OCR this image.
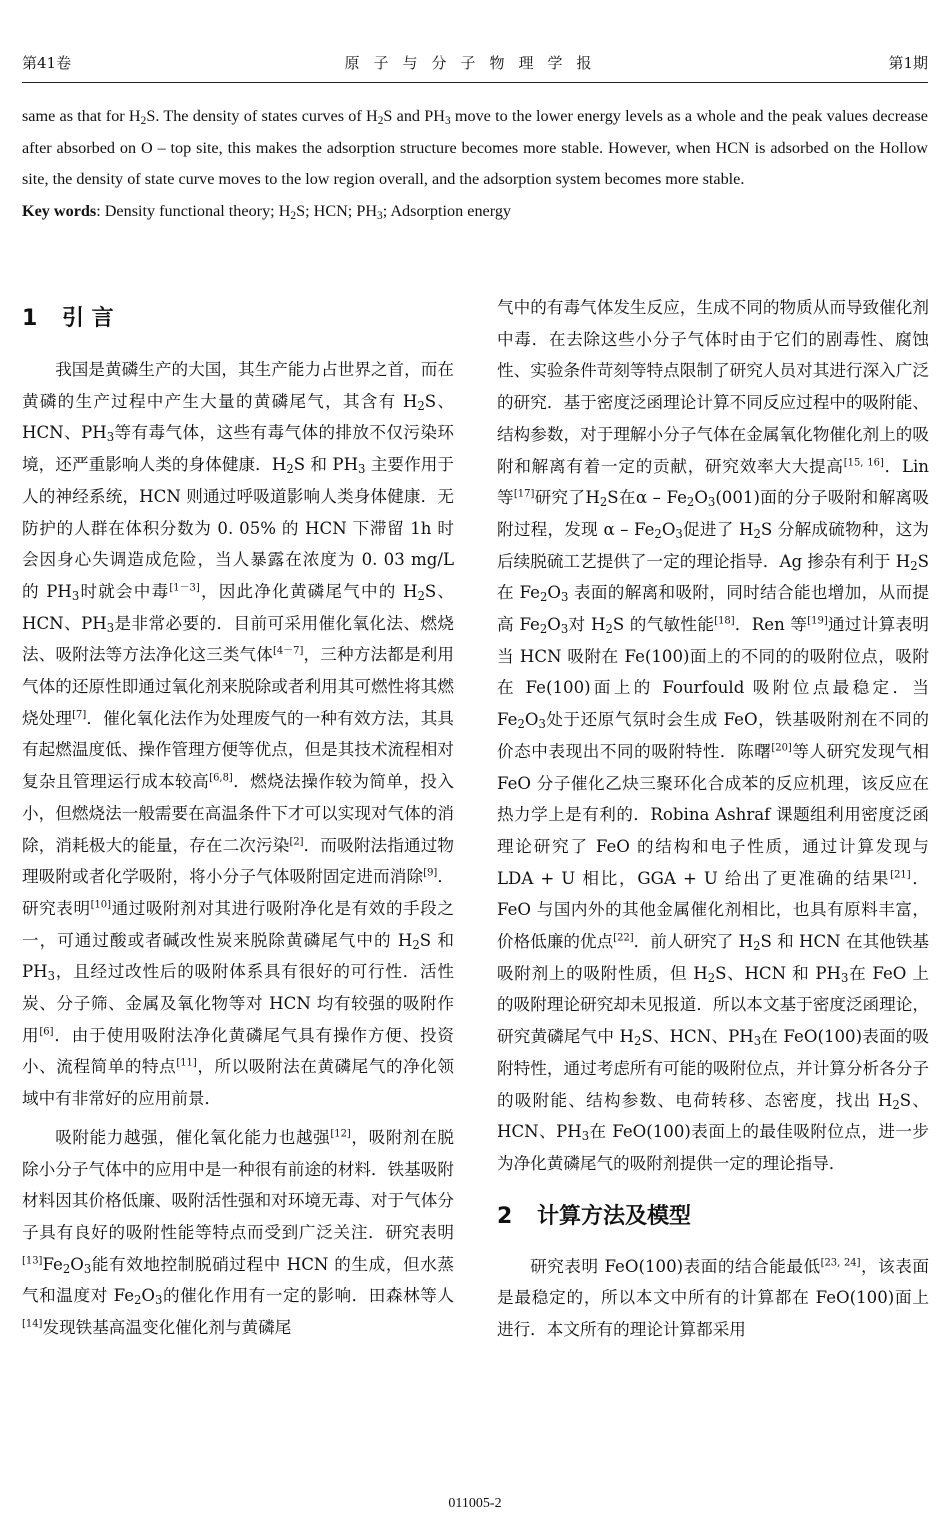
第41卷	原子与分子物理学报	第1期
same as that for $H_2S$. The density of states curves of $H_2S$ and $PH_3$ move to the lower energy levels as a whole and the peak values decrease after absorbed on O – top site, this makes the adsorption structure becomes more stable. However, when HCN is adsorbed on the Hollow site, the density of state curve moves to the low region overall, and the adsorption system becomes more stable.
Key words: Density functional theory; $H_2S$; HCN; $PH_3$; Adsorption energy
1 引 言

我国是黄磷生产的大国，其生产能力占世界之首，而在黄磷的生产过程中产生大量的黄磷尾气，其含有 $H_2S$、HCN、$PH_3$等有毒气体，这些有毒气体的排放不仅污染环境，还严重影响人类的身体健康．$H_2S$ 和 $PH_3$ 主要作用于人的神经系统，HCN 则通过呼吸道影响人类身体健康．无防护的人群在体积分数为 0. 05% 的 HCN 下滞留 1h 时会因身心失调造成危险，当人暴露在浓度为 0. 03 mg/L 的 $PH_3$时就会中毒[1－3]，因此净化黄磷尾气中的 $H_2S$、HCN、$PH_3$是非常必要的．目前可采用催化氧化法、燃烧法、吸附法等方法净化这三类气体[4－7]，三种方法都是利用气体的还原性即通过氧化剂来脱除或者利用其可燃性将其燃烧处理[7]．催化氧化法作为处理废气的一种有效方法，其具有起燃温度低、操作管理方便等优点，但是其技术流程相对复杂且管理运行成本较高[6,8]．燃烧法操作较为简单，投入小，但燃烧法一般需要在高温条件下才可以实现对气体的消除，消耗极大的能量，存在二次污染[2]．而吸附法指通过物理吸附或者化学吸附，将小分子气体吸附固定进而消除[9]．研究表明[10]通过吸附剂对其进行吸附净化是有效的手段之一，可通过酸或者碱改性炭来脱除黄磷尾气中的 $H_2S$ 和 $PH_3$，且经过改性后的吸附体系具有很好的可行性．活性炭、分子筛、金属及氧化物等对 HCN 均有较强的吸附作用[6]．由于使用吸附法净化黄磷尾气具有操作方便、投资小、流程简单的特点[11]，所以吸附法在黄磷尾气的净化领域中有非常好的应用前景．

吸附能力越强，催化氧化能力也越强[12]，吸附剂在脱除小分子气体中的应用中是一种很有前途的材料．铁基吸附材料因其价格低廉、吸附活性强和对环境无毒、对于气体分子具有良好的吸附性能等特点而受到广泛关注．研究表明$[13]Fe_2O_3$能有效地控制脱硝过程中 HCN 的生成，但水蒸气和温度对 $Fe_2O_3$的催化作用有一定的影响．田森林等人[14]发现铁基高温变化催化剂与黄磷尾

气中的有毒气体发生反应，生成不同的物质从而导致催化剂中毒．在去除这些小分子气体时由于它们的剧毒性、腐蚀性、实验条件苛刻等特点限制了研究人员对其进行深入广泛的研究．基于密度泛函理论计算不同反应过程中的吸附能、结构参数，对于理解小分子气体在金属氧化物催化剂上的吸附和解离有着一定的贡献，研究效率大大提高[15, 16]．Lin 等[17]研究了$H_2S$在α – $Fe_2O_3(001)$面的分子吸附和解离吸附过程，发现 α – $Fe_2O_3$促进了 $H_2S$ 分解成硫物种，这为后续脱硫工艺提供了一定的理论指导．Ag 掺杂有利于 $H_2S$ 在 $Fe_2O_3$ 表面的解离和吸附，同时结合能也增加，从而提高 $Fe_2O_3$对 $H_2S$ 的气敏性能[18]．Ren 等[19]通过计算表明当 HCN 吸附在 Fe(100)面上的不同的的吸附位点，吸附在 Fe(100)面上的 Fourfould 吸附位点最稳定．当 $Fe_2O_3$处于还原气氛时会生成 FeO，铁基吸附剂在不同的价态中表现出不同的吸附特性．陈曙[20]等人研究发现气相 FeO 分子催化乙炔三聚环化合成苯的反应机理，该反应在热力学上是有利的．Robina Ashraf 课题组利用密度泛函理论研究了 FeO 的结构和电子性质，通过计算发现与 LDA + U 相比，GGA + U 给出了更准确的结果[21]．FeO 与国内外的其他金属催化剂相比，也具有原料丰富，价格低廉的优点[22]．前人研究了 $H_2S$ 和 HCN 在其他铁基吸附剂上的吸附性质，但 $H_2S$、HCN 和 $PH_3$在 FeO 上的吸附理论研究却未见报道．所以本文基于密度泛函理论，研究黄磷尾气中 $H_2S$、HCN、$PH_3$在 FeO(100)表面的吸附特性，通过考虑所有可能的吸附位点，并计算分析各分子的吸附能、结构参数、电荷转移、态密度，找出 $H_2S$、HCN、$PH_3$在 FeO(100)表面上的最佳吸附位点，进一步为净化黄磷尾气的吸附剂提供一定的理论指导．

2 计算方法及模型

研究表明 FeO(100)表面的结合能最低[23, 24]，该表面是最稳定的，所以本文中所有的计算都在 FeO(100)面上进行．本文所有的理论计算都采用

011005-2
